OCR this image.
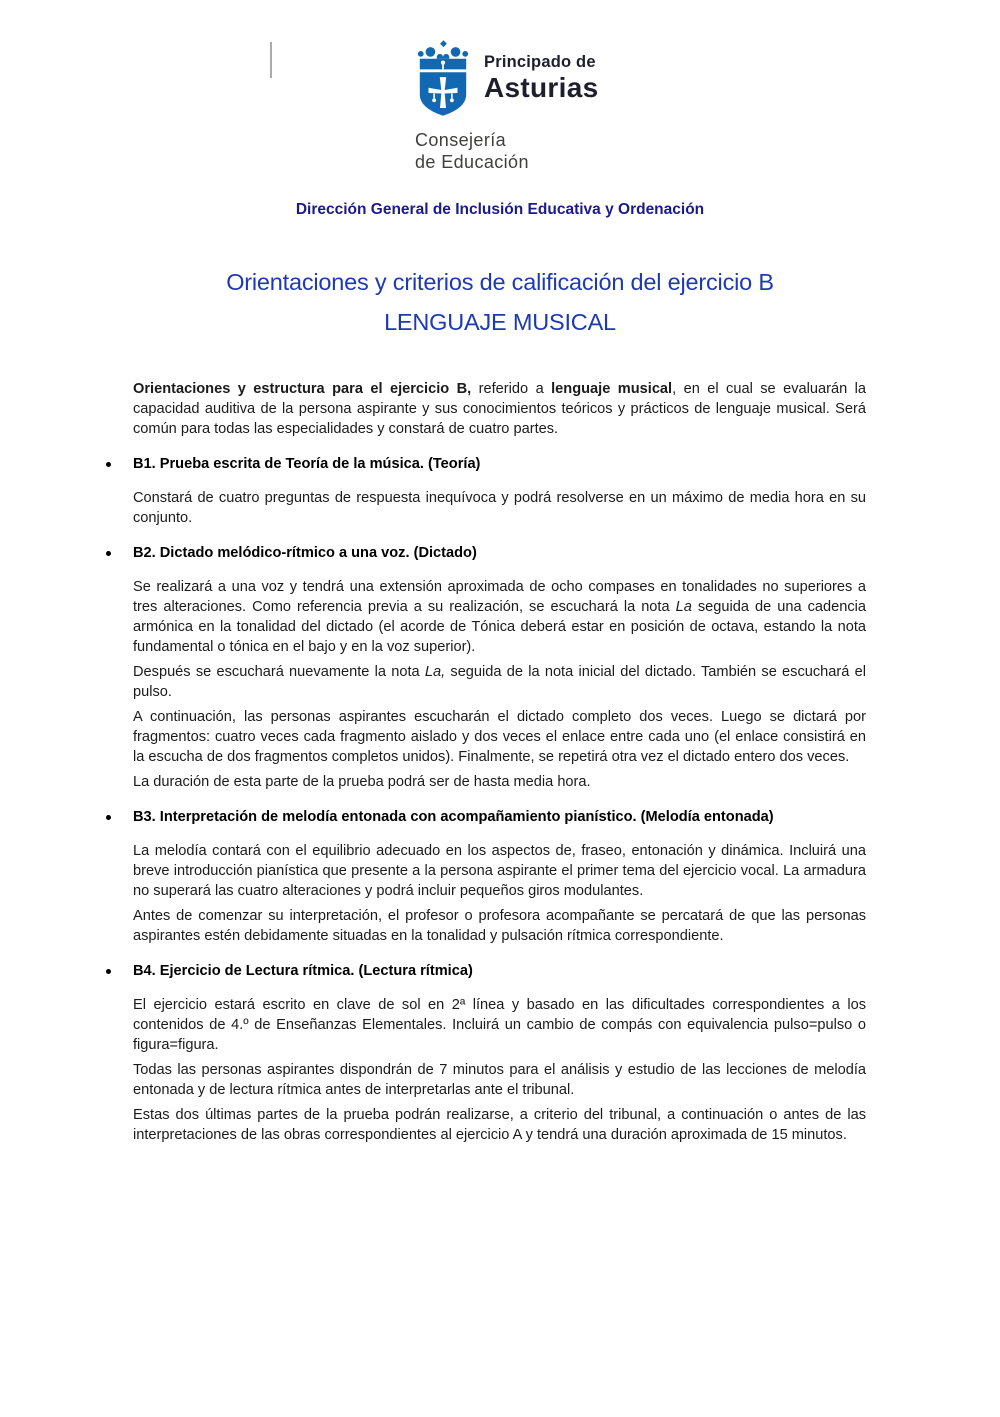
Principado de
Asturias
Consejería
de Educación
Dirección General de Inclusión Educativa y Ordenación
Orientaciones y criterios de calificación del ejercicio B
LENGUAJE MUSICAL

Orientaciones y estructura para el ejercicio B, referido a lenguaje musical, en el cual se evaluarán la capacidad auditiva de la persona aspirante y sus conocimientos teóricos y prácticos de lenguaje musical. Será común para todas las especialidades y constará de cuatro partes.

B1. Prueba escrita de Teoría de la música. (Teoría)

Constará de cuatro preguntas de respuesta inequívoca y podrá resolverse en un máximo de media hora en su conjunto.

B2. Dictado melódico-rítmico a una voz. (Dictado)

Se realizará a una voz y tendrá una extensión aproximada de ocho compases en tonalidades no superiores a tres alteraciones. Como referencia previa a su realización, se escuchará la nota La seguida de una cadencia armónica en la tonalidad del dictado (el acorde de Tónica deberá estar en posición de octava, estando la nota fundamental o tónica en el bajo y en la voz superior).

Después se escuchará nuevamente la nota La, seguida de la nota inicial del dictado. También se escuchará el pulso.

A continuación, las personas aspirantes escucharán el dictado completo dos veces. Luego se dictará por fragmentos: cuatro veces cada fragmento aislado y dos veces el enlace entre cada uno (el enlace consistirá en la escucha de dos fragmentos completos unidos). Finalmente, se repetirá otra vez el dictado entero dos veces.

La duración de esta parte de la prueba podrá ser de hasta media hora.

B3. Interpretación de melodía entonada con acompañamiento pianístico. (Melodía entonada)

La melodía contará con el equilibrio adecuado en los aspectos de, fraseo, entonación y dinámica. Incluirá una breve introducción pianística que presente a la persona aspirante el primer tema del ejercicio vocal. La armadura no superará las cuatro alteraciones y podrá incluir pequeños giros modulantes.

Antes de comenzar su interpretación, el profesor o profesora acompañante se percatará de que las personas aspirantes estén debidamente situadas en la tonalidad y pulsación rítmica correspondiente.

B4. Ejercicio de Lectura rítmica. (Lectura rítmica)

El ejercicio estará escrito en clave de sol en 2ª línea y basado en las dificultades correspondientes a los contenidos de 4.º de Enseñanzas Elementales. Incluirá un cambio de compás con equivalencia pulso=pulso o figura=figura.

Todas las personas aspirantes dispondrán de 7 minutos para el análisis y estudio de las lecciones de melodía entonada y de lectura rítmica antes de interpretarlas ante el tribunal.

Estas dos últimas partes de la prueba podrán realizarse, a criterio del tribunal, a continuación o antes de las interpretaciones de las obras correspondientes al ejercicio A y tendrá una duración aproximada de 15 minutos.
